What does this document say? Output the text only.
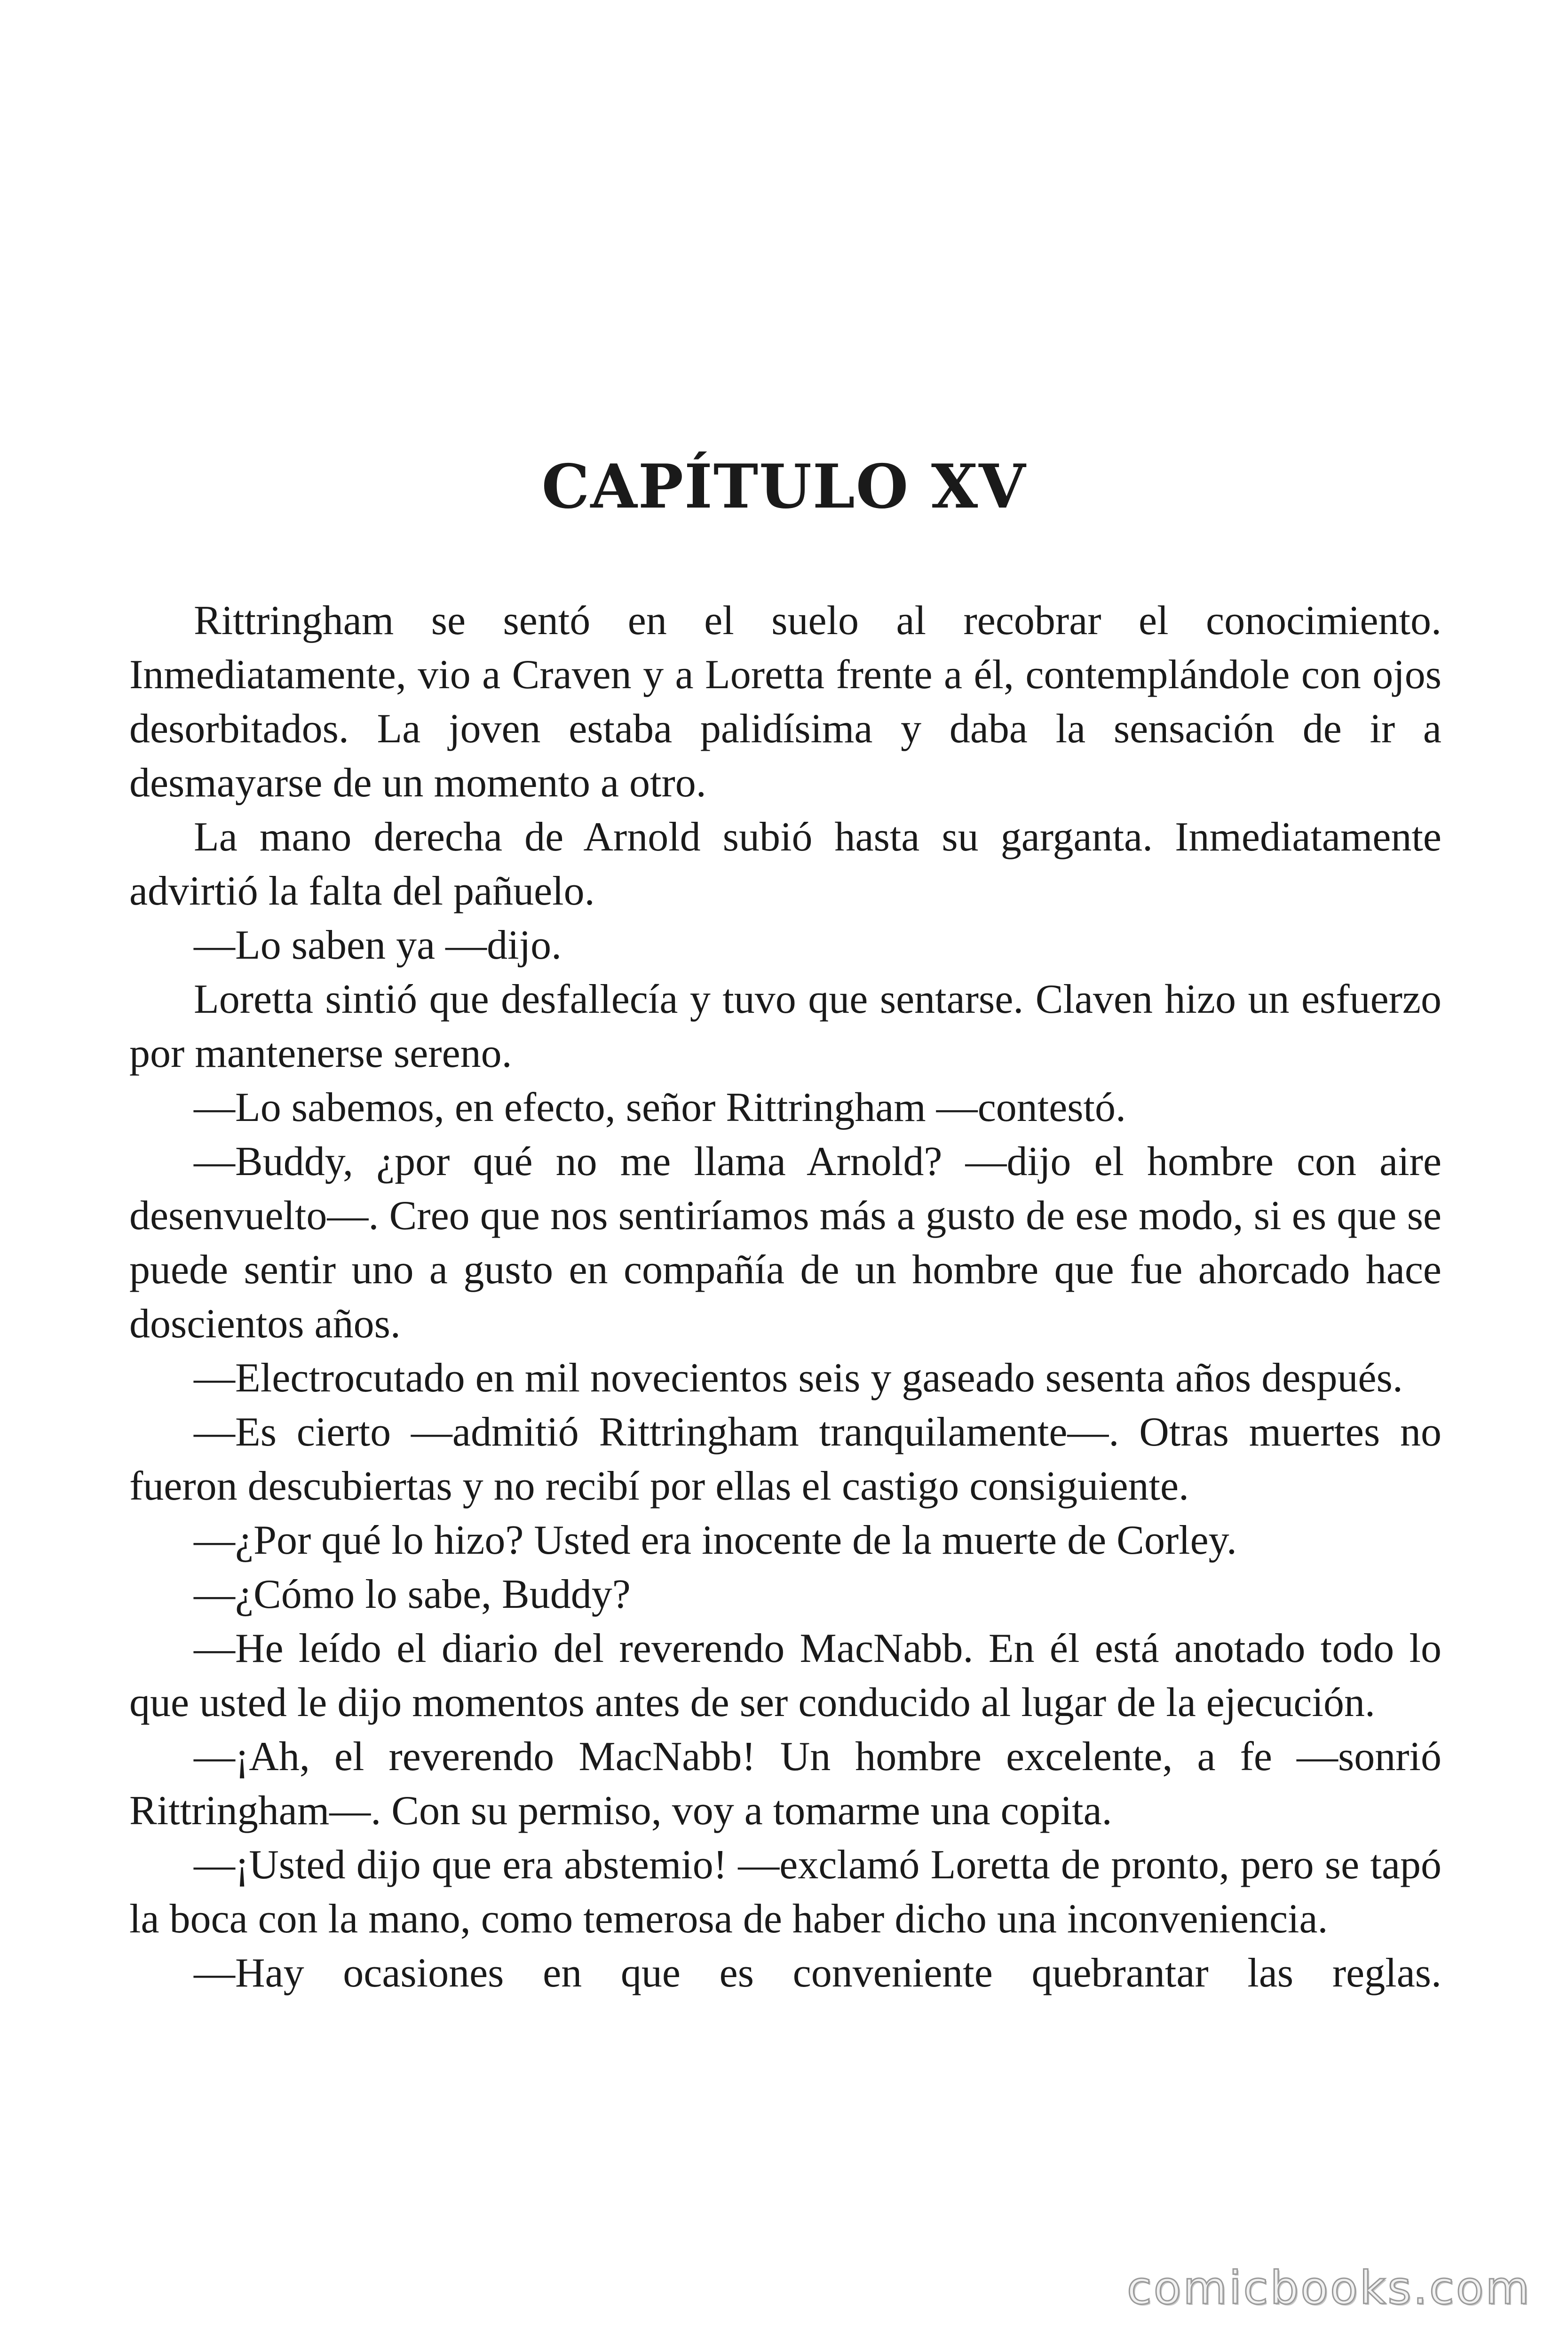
CAPÍTULO XV

Rittringham se sentó en el suelo al recobrar el conocimiento. Inmediatamente, vio a Craven y a Loretta frente a él, contemplándole con ojos desorbitados. La joven estaba palidísima y daba la sensación de ir a desmayarse de un momento a otro.

La mano derecha de Arnold subió hasta su garganta. Inmediatamente advirtió la falta del pañuelo.

—Lo saben ya —dijo.

Loretta sintió que desfallecía y tuvo que sentarse. Claven hizo un esfuerzo por mantenerse sereno.

—Lo sabemos, en efecto, señor Rittringham —contestó.

—Buddy, ¿por qué no me llama Arnold? —dijo el hombre con aire desenvuelto—. Creo que nos sentiríamos más a gusto de ese modo, si es que se puede sentir uno a gusto en compañía de un hombre que fue ahorcado hace doscientos años.

—Electrocutado en mil novecientos seis y gaseado sesenta años después.

—Es cierto —admitió Rittringham tranquilamente—. Otras muertes no fueron descubiertas y no recibí por ellas el castigo consiguiente.

—¿Por qué lo hizo? Usted era inocente de la muerte de Corley.

—¿Cómo lo sabe, Buddy?

—He leído el diario del reverendo MacNabb. En él está anotado todo lo que usted le dijo momentos antes de ser conducido al lugar de la ejecución.

—¡Ah, el reverendo MacNabb! Un hombre excelente, a fe —sonrió Rittringham—. Con su permiso, voy a tomarme una copita.

—¡Usted dijo que era abstemio! —exclamó Loretta de pronto, pero se tapó la boca con la mano, como temerosa de haber dicho una inconveniencia.

—Hay ocasiones en que es conveniente quebrantar las reglas.

comicbooks.com
